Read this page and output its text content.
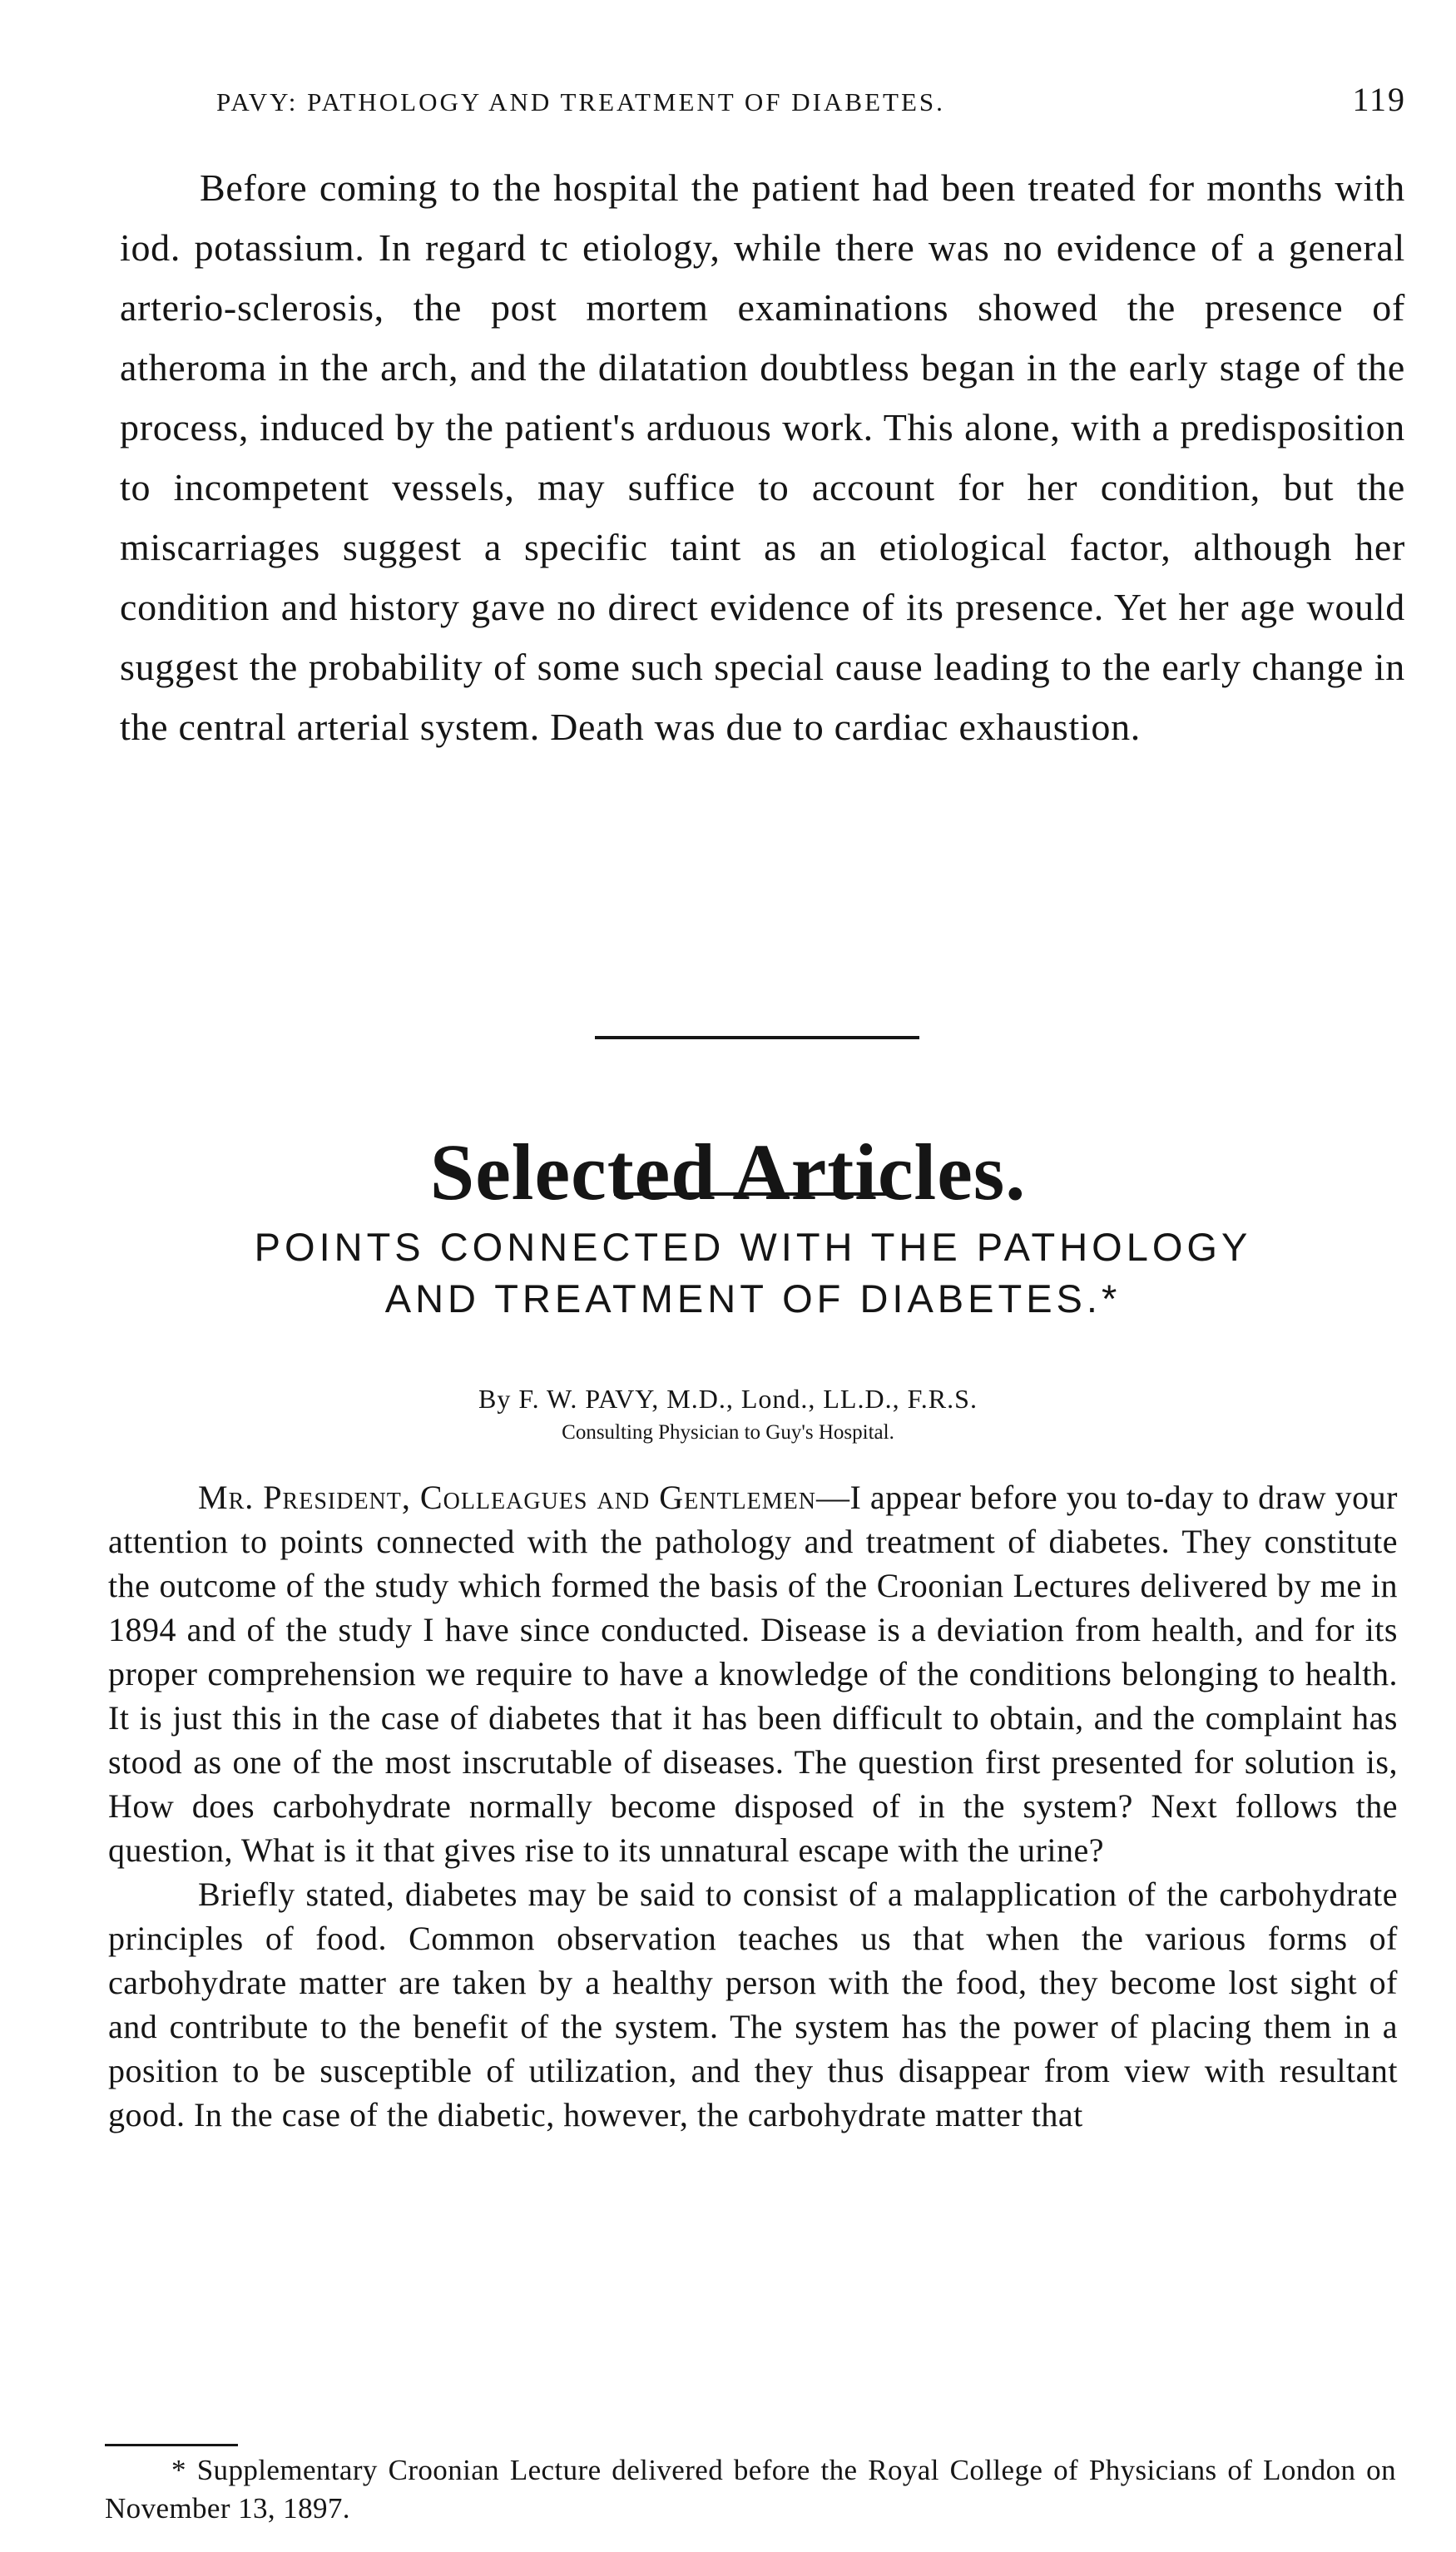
PAVY: PATHOLOGY AND TREATMENT OF DIABETES.	119

Before coming to the hospital the patient had been treated for months with iod. potassium. In regard tc etiology, while there was no evidence of a general arterio-sclerosis, the post mortem examinations showed the presence of atheroma in the arch, and the dilatation doubtless began in the early stage of the process, induced by the patient's arduous work. This alone, with a predisposition to incompetent vessels, may suffice to account for her condition, but the miscarriages suggest a specific taint as an etiological factor, although her condition and history gave no direct evidence of its presence. Yet her age would suggest the probability of some such special cause leading to the early change in the central arterial system. Death was due to cardiac exhaustion.

Selected Articles.
POINTS CONNECTED WITH THE PATHOLOGY
AND TREATMENT OF DIABETES.*
By F. W. PAVY, M.D., Lond., LL.D., F.R.S.
Consulting Physician to Guy's Hospital.

Mr. President, Colleagues and Gentlemen—I appear before you to-day to draw your attention to points connected with the pathology and treatment of diabetes. They constitute the outcome of the study which formed the basis of the Croonian Lectures delivered by me in 1894 and of the study I have since conducted. Disease is a deviation from health, and for its proper comprehension we require to have a knowledge of the conditions belonging to health. It is just this in the case of diabetes that it has been difficult to obtain, and the complaint has stood as one of the most inscrutable of diseases. The question first presented for solution is, How does carbohydrate normally become disposed of in the system? Next follows the question, What is it that gives rise to its unnatural escape with the urine?

Briefly stated, diabetes may be said to consist of a malapplication of the carbohydrate principles of food. Common observation teaches us that when the various forms of carbohydrate matter are taken by a healthy person with the food, they become lost sight of and contribute to the benefit of the system. The system has the power of placing them in a position to be susceptible of utilization, and they thus disappear from view with resultant good. In the case of the diabetic, however, the carbohydrate matter that

* Supplementary Croonian Lecture delivered before the Royal College of Physicians of London on November 13, 1897.
